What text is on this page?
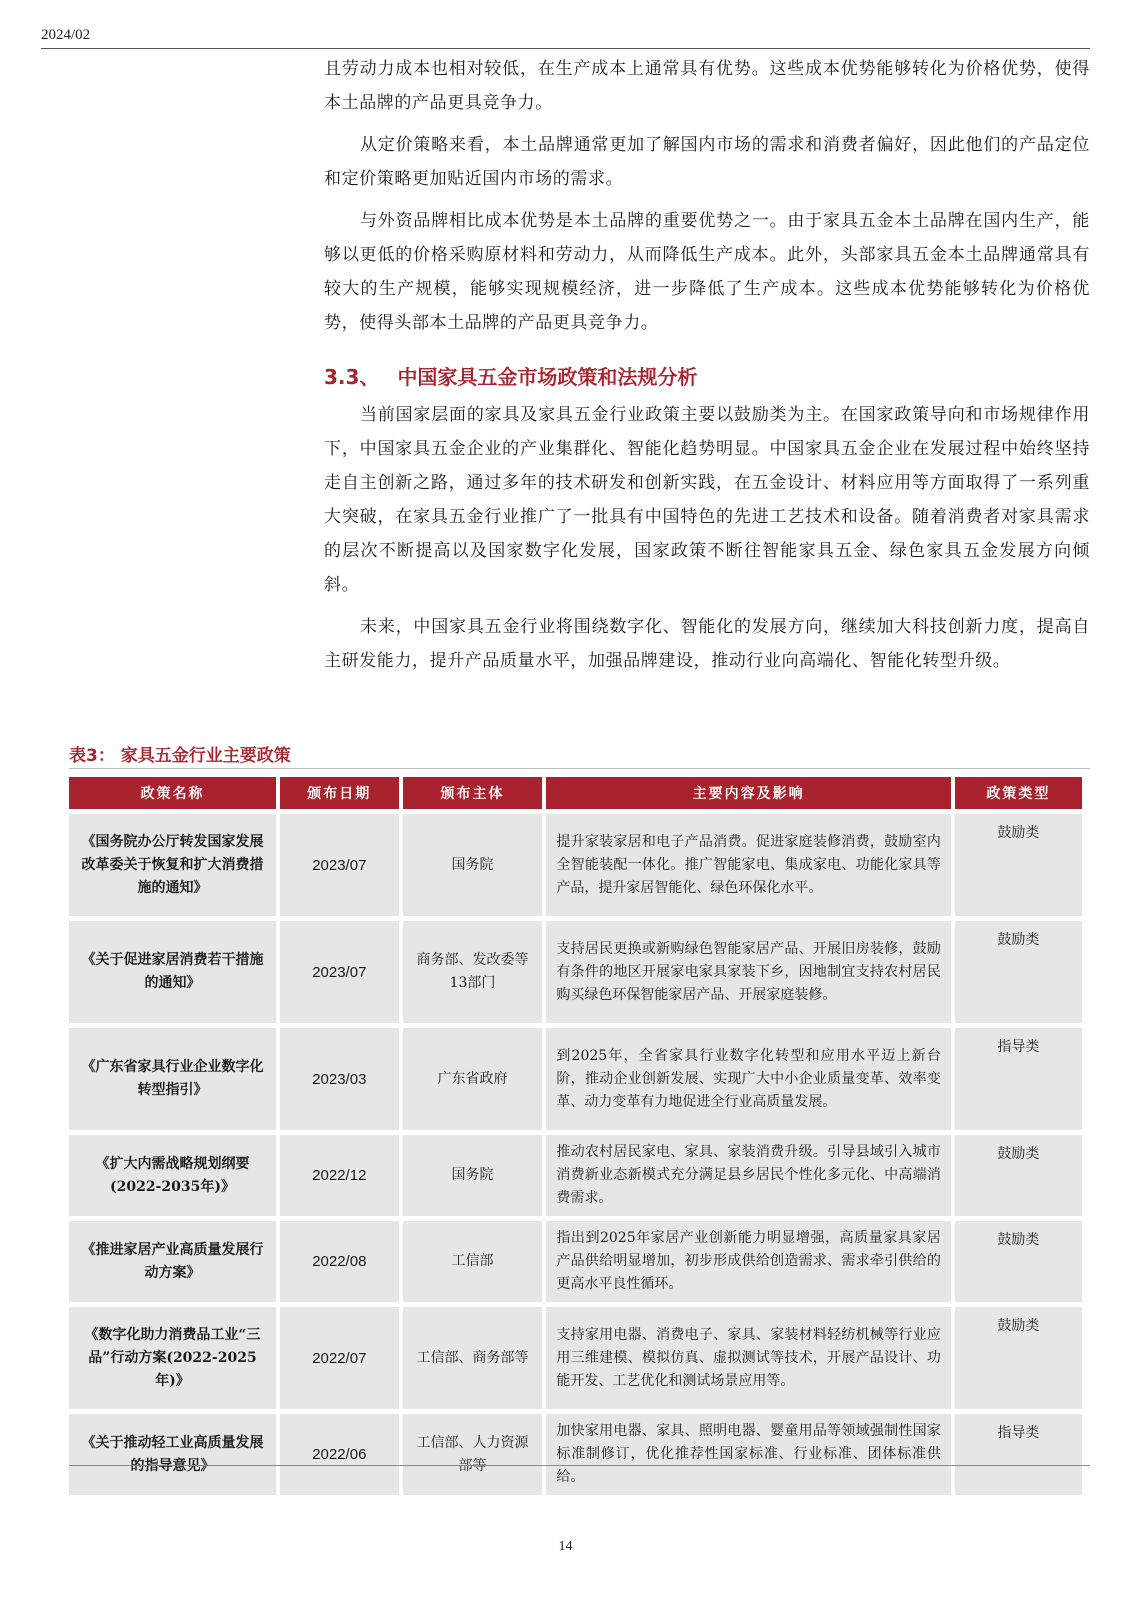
2024/02

且劳动力成本也相对较低，在生产成本上通常具有优势。这些成本优势能够转化为价格优势，使得本土品牌的产品更具竞争力。

从定价策略来看，本土品牌通常更加了解国内市场的需求和消费者偏好，因此他们的产品定位和定价策略更加贴近国内市场的需求。

与外资品牌相比成本优势是本土品牌的重要优势之一。由于家具五金本土品牌在国内生产，能够以更低的价格采购原材料和劳动力，从而降低生产成本。此外，头部家具五金本土品牌通常具有较大的生产规模，能够实现规模经济，进一步降低了生产成本。这些成本优势能够转化为价格优势，使得头部本土品牌的产品更具竞争力。

3.3、 中国家具五金市场政策和法规分析

当前国家层面的家具及家具五金行业政策主要以鼓励类为主。在国家政策导向和市场规律作用下，中国家具五金企业的产业集群化、智能化趋势明显。中国家具五金企业在发展过程中始终坚持走自主创新之路，通过多年的技术研发和创新实践，在五金设计、材料应用等方面取得了一系列重大突破，在家具五金行业推广了一批具有中国特色的先进工艺技术和设备。随着消费者对家具需求的层次不断提高以及国家数字化发展，国家政策不断往智能家具五金、绿色家具五金发展方向倾斜。

未来，中国家具五金行业将围绕数字化、智能化的发展方向，继续加大科技创新力度，提高自主研发能力，提升产品质量水平，加强品牌建设，推动行业向高端化、智能化转型升级。

表3： 家具五金行业主要政策
政策名称	颁布日期	颁布主体	主要内容及影响	政策类型
《国务院办公厅转发国家发展改革委关于恢复和扩大消费措施的通知》	2023/07	国务院	提升家装家居和电子产品消费。促进家庭装修消费，鼓励室内全智能装配一体化。推广智能家电、集成家电、功能化家具等产品，提升家居智能化、绿色环保化水平。	鼓励类
《关于促进家居消费若干措施的通知》	2023/07	商务部、发改委等13部门	支持居民更换或新购绿色智能家居产品、开展旧房装修，鼓励有条件的地区开展家电家具家装下乡，因地制宜支持农村居民购买绿色环保智能家居产品、开展家庭装修。	鼓励类
《广东省家具行业企业数字化转型指引》	2023/03	广东省政府	到2025年，全省家具行业数字化转型和应用水平迈上新台阶，推动企业创新发展、实现广大中小企业质量变革、效率变革、动力变革有力地促进全行业高质量发展。	指导类
《扩大内需战略规划纲要(2022-2035年)》	2022/12	国务院	推动农村居民家电、家具、家装消费升级。引导县域引入城市消费新业态新模式充分满足县乡居民个性化多元化、中高端消费需求。	鼓励类
《推进家居产业高质量发展行动方案》	2022/08	工信部	指出到2025年家居产业创新能力明显增强，高质量家具家居产品供给明显增加，初步形成供给创造需求、需求牵引供给的更高水平良性循环。	鼓励类
《数字化助力消费品工业“三品”行动方案(2022-2025年)》	2022/07	工信部、商务部等	支持家用电器、消费电子、家具、家装材料轻纺机械等行业应用三维建模、模拟仿真、虚拟测试等技术，开展产品设计、功能开发、工艺优化和测试场景应用等。	鼓励类
《关于推动轻工业高质量发展的指导意见》	2022/06	工信部、人力资源部等	加快家用电器、家具、照明电器、婴童用品等领域强制性国家标准制修订，优化推荐性国家标准、行业标准、团体标准供给。	指导类
14
